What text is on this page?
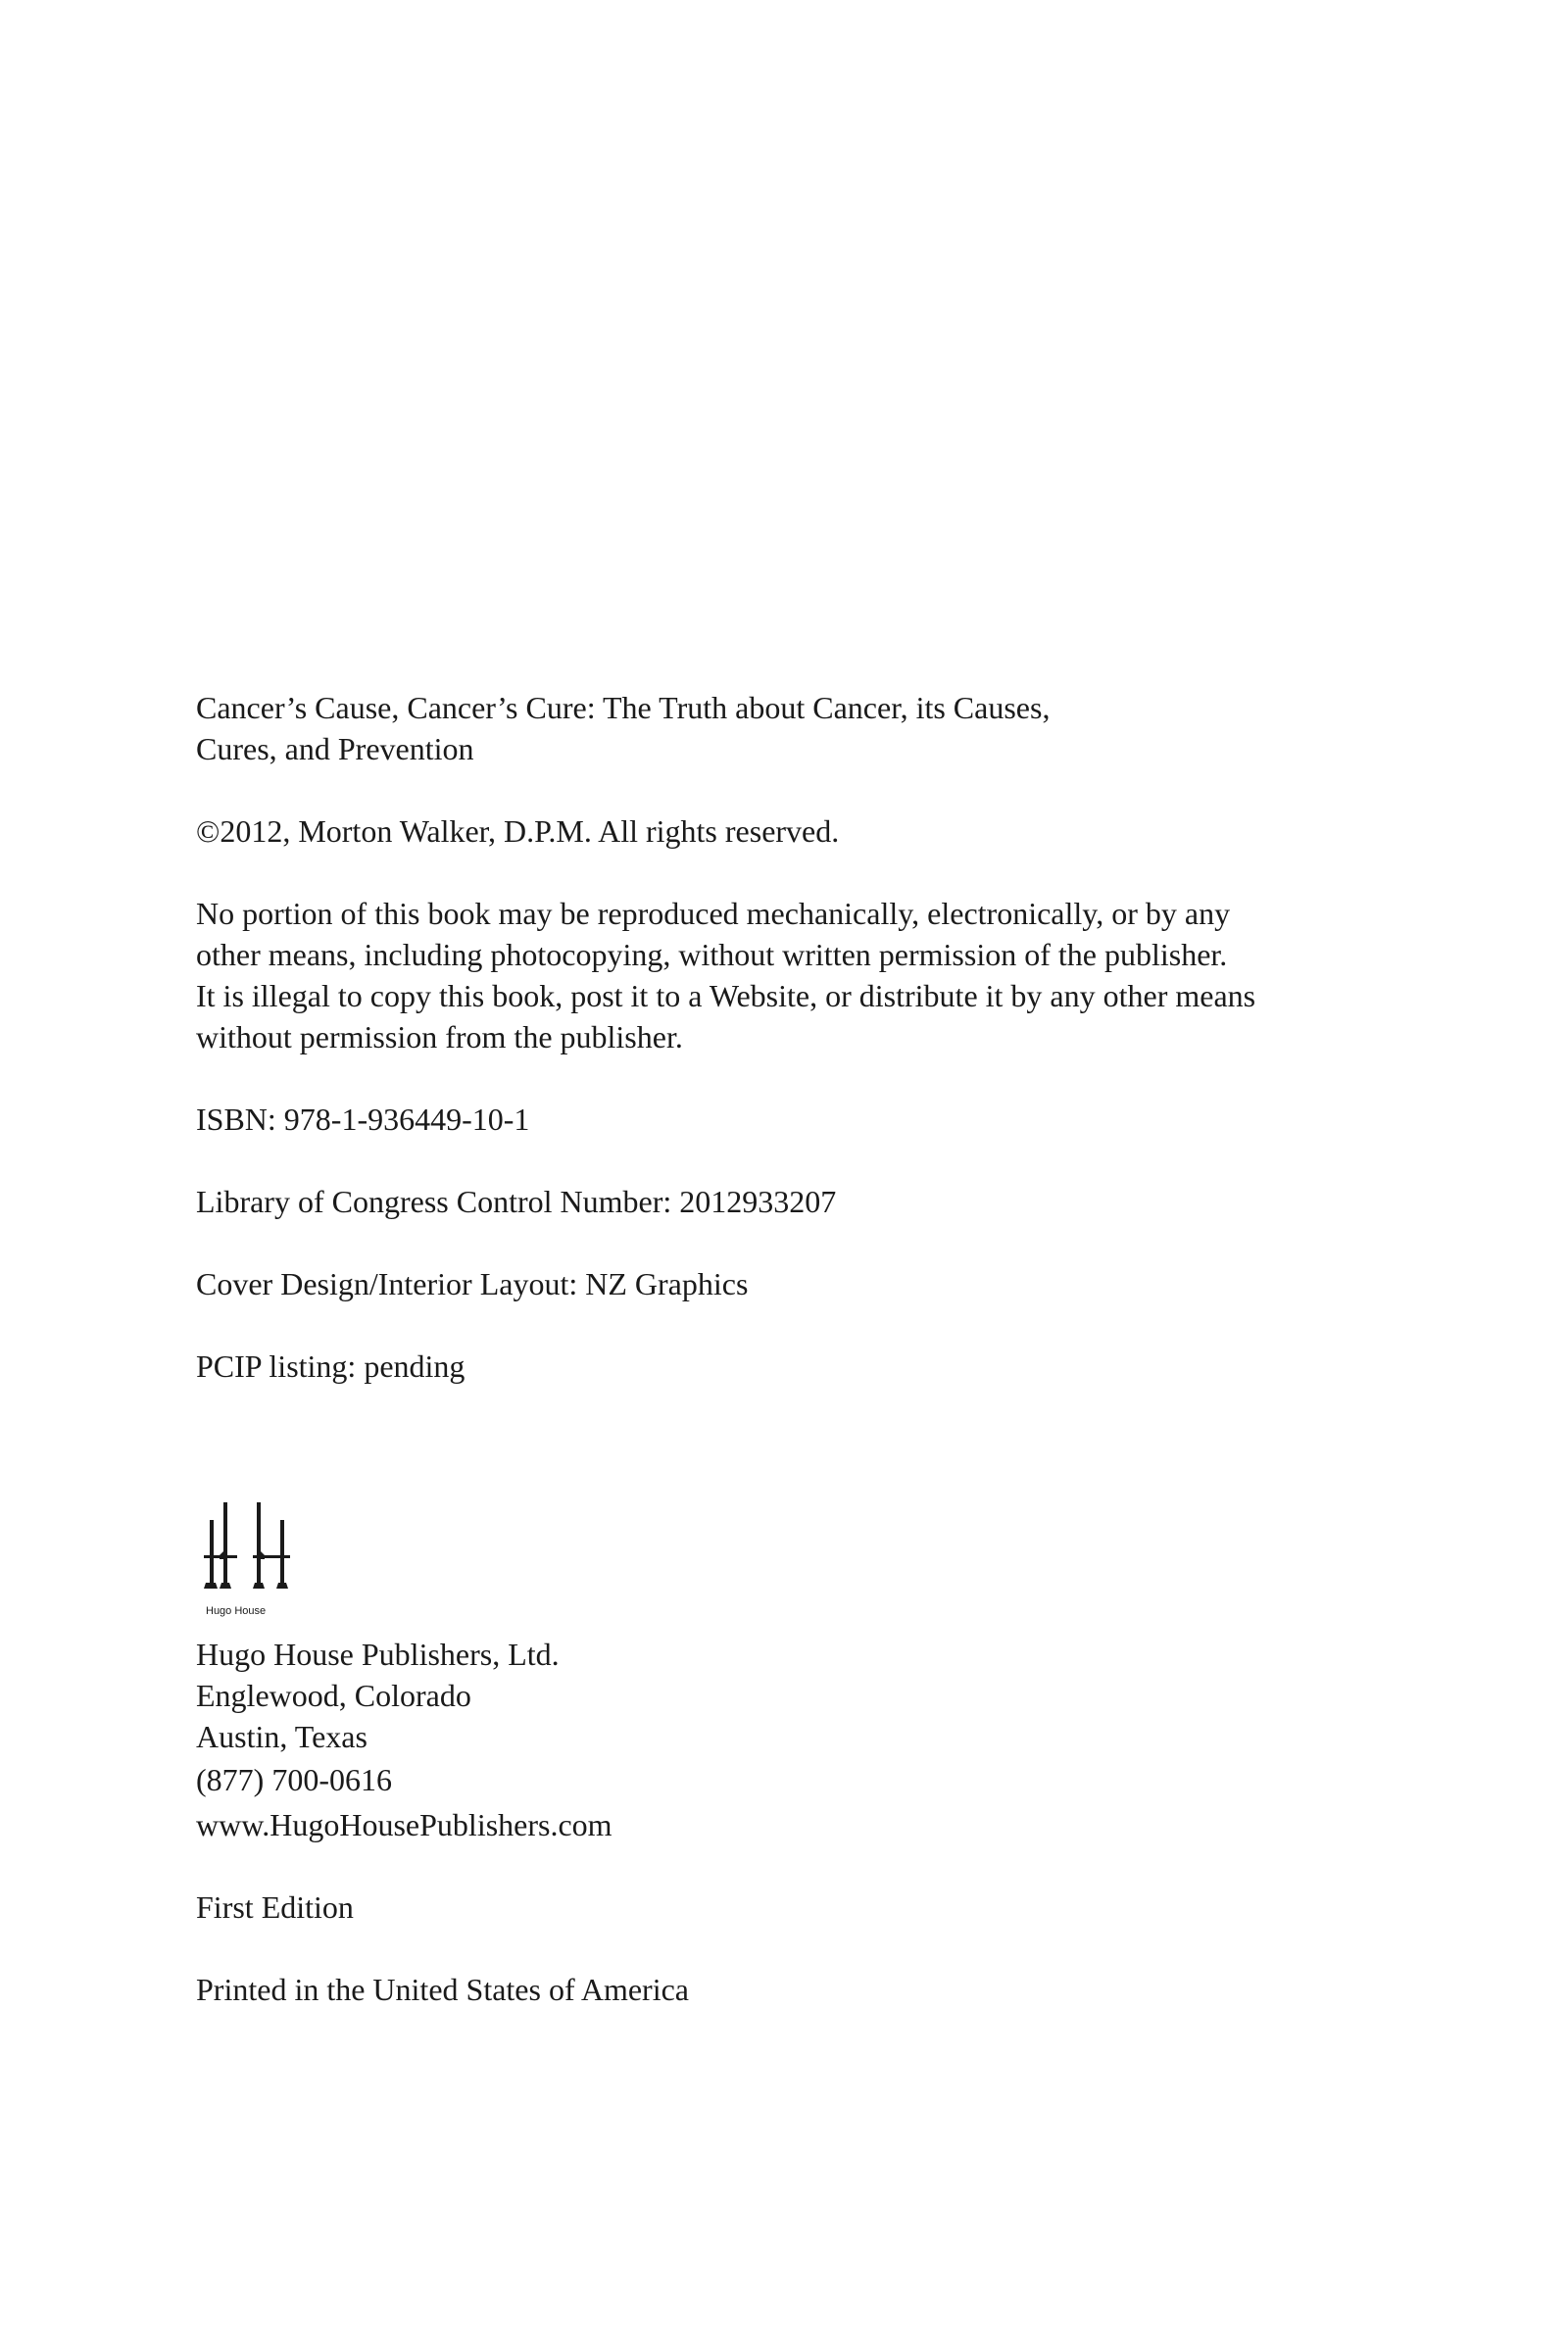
Cancer’s Cause, Cancer’s Cure: The Truth about Cancer, its Causes,
Cures, and Prevention

©2012, Morton Walker, D.P.M. All rights reserved.

No portion of this book may be reproduced mechanically, electronically, or by any
other means, including photocopying, without written permission of the publisher.
It is illegal to copy this book, post it to a Website, or distribute it by any other means
without permission from the publisher.

ISBN: 978-1-936449-10-1

Library of Congress Control Number: 2012933207

Cover Design/Interior Layout: NZ Graphics

PCIP listing: pending

Hugo House

Hugo House Publishers, Ltd.
Englewood, Colorado
Austin, Texas

(877) 700-0616

www.HugoHousePublishers.com

First Edition

Printed in the United States of America
